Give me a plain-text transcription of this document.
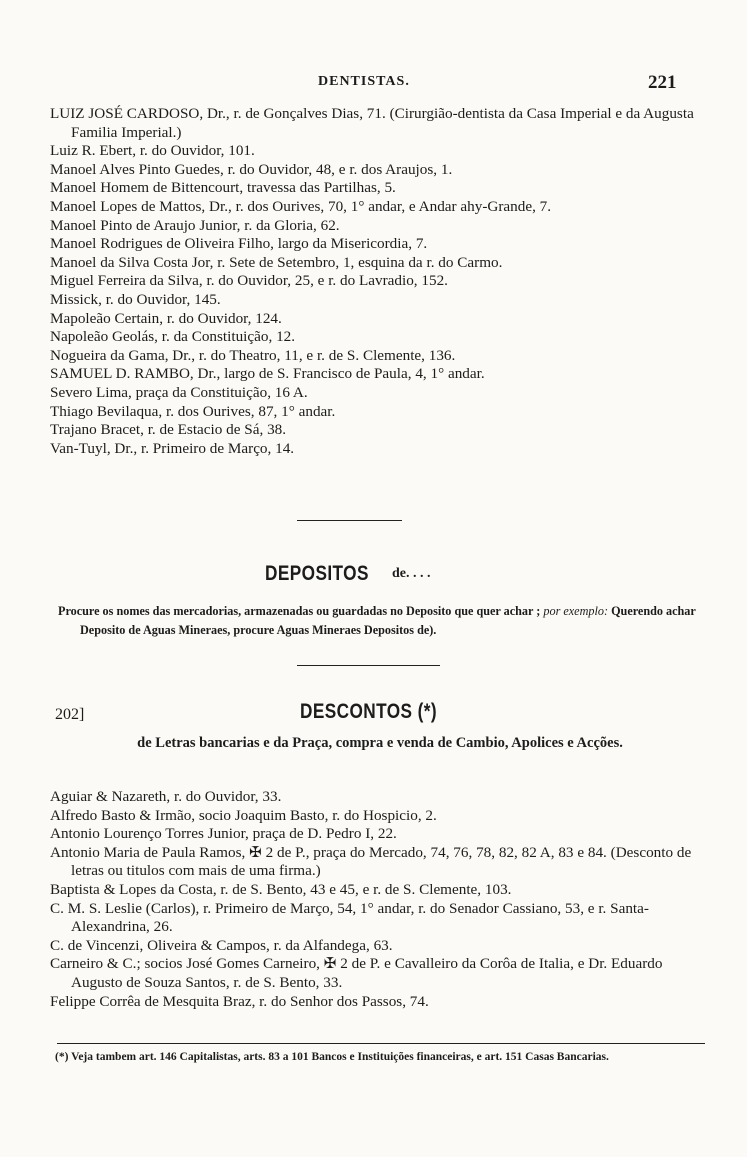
DENTISTAS.	221
LUIZ JOSÉ CARDOSO, Dr., r. de Gonçalves Dias, 71. (Cirurgião-dentista da Casa Imperial e da Augusta Familia Imperial.)
Luiz R. Ebert, r. do Ouvidor, 101.
Manoel Alves Pinto Guedes, r. do Ouvidor, 48, e r. dos Araujos, 1.
Manoel Homem de Bittencourt, travessa das Partilhas, 5.
Manoel Lopes de Mattos, Dr., r. dos Ourives, 70, 1° andar, e Andar ahy-Grande, 7.
Manoel Pinto de Araujo Junior, r. da Gloria, 62.
Manoel Rodrigues de Oliveira Filho, largo da Misericordia, 7.
Manoel da Silva Costa Jor, r. Sete de Setembro, 1, esquina da r. do Carmo.
Miguel Ferreira da Silva, r. do Ouvidor, 25, e r. do Lavradio, 152.
Missick, r. do Ouvidor, 145.
Mapoleão Certain, r. do Ouvidor, 124.
Napoleão Geolás, r. da Constituição, 12.
Nogueira da Gama, Dr., r. do Theatro, 11, e r. de S. Clemente, 136.
SAMUEL D. RAMBO, Dr., largo de S. Francisco de Paula, 4, 1° andar.
Severo Lima, praça da Constituição, 16 A.
Thiago Bevilaqua, r. dos Ourives, 87, 1° andar.
Trajano Bracet, r. de Estacio de Sá, 38.
Van-Tuyl, Dr., r. Primeiro de Março, 14.
DEPOSITOS de. . . .
Procure os nomes das mercadorias, armazenadas ou guardadas no Deposito que quer achar ; por exemplo: Querendo achar Deposito de Aguas Mineraes, procure Aguas Mineraes Depositos de).
202]	DESCONTOS (*)
de Letras bancarias e da Praça, compra e venda de Cambio, Apolices e Acções.
Aguiar & Nazareth, r. do Ouvidor, 33.
Alfredo Basto & Irmão, socio Joaquim Basto, r. do Hospicio, 2.
Antonio Lourenço Torres Junior, praça de D. Pedro I, 22.
Antonio Maria de Paula Ramos, ✠ 2 de P., praça do Mercado, 74, 76, 78, 82, 82 A, 83 e 84. (Desconto de letras ou titulos com mais de uma firma.)
Baptista & Lopes da Costa, r. de S. Bento, 43 e 45, e r. de S. Clemente, 103.
C. M. S. Leslie (Carlos), r. Primeiro de Março, 54, 1° andar, r. do Senador Cassiano, 53, e r. Santa-Alexandrina, 26.
C. de Vincenzi, Oliveira & Campos, r. da Alfandega, 63.
Carneiro & C.; socios José Gomes Carneiro, ✠ 2 de P. e Cavalleiro da Corôa de Italia, e Dr. Eduardo Augusto de Souza Santos, r. de S. Bento, 33.
Felippe Corrêa de Mesquita Braz, r. do Senhor dos Passos, 74.
(*) Veja tambem art. 146 Capitalistas, arts. 83 a 101 Bancos e Instituições financeiras, e art. 151 Casas Bancarias.
